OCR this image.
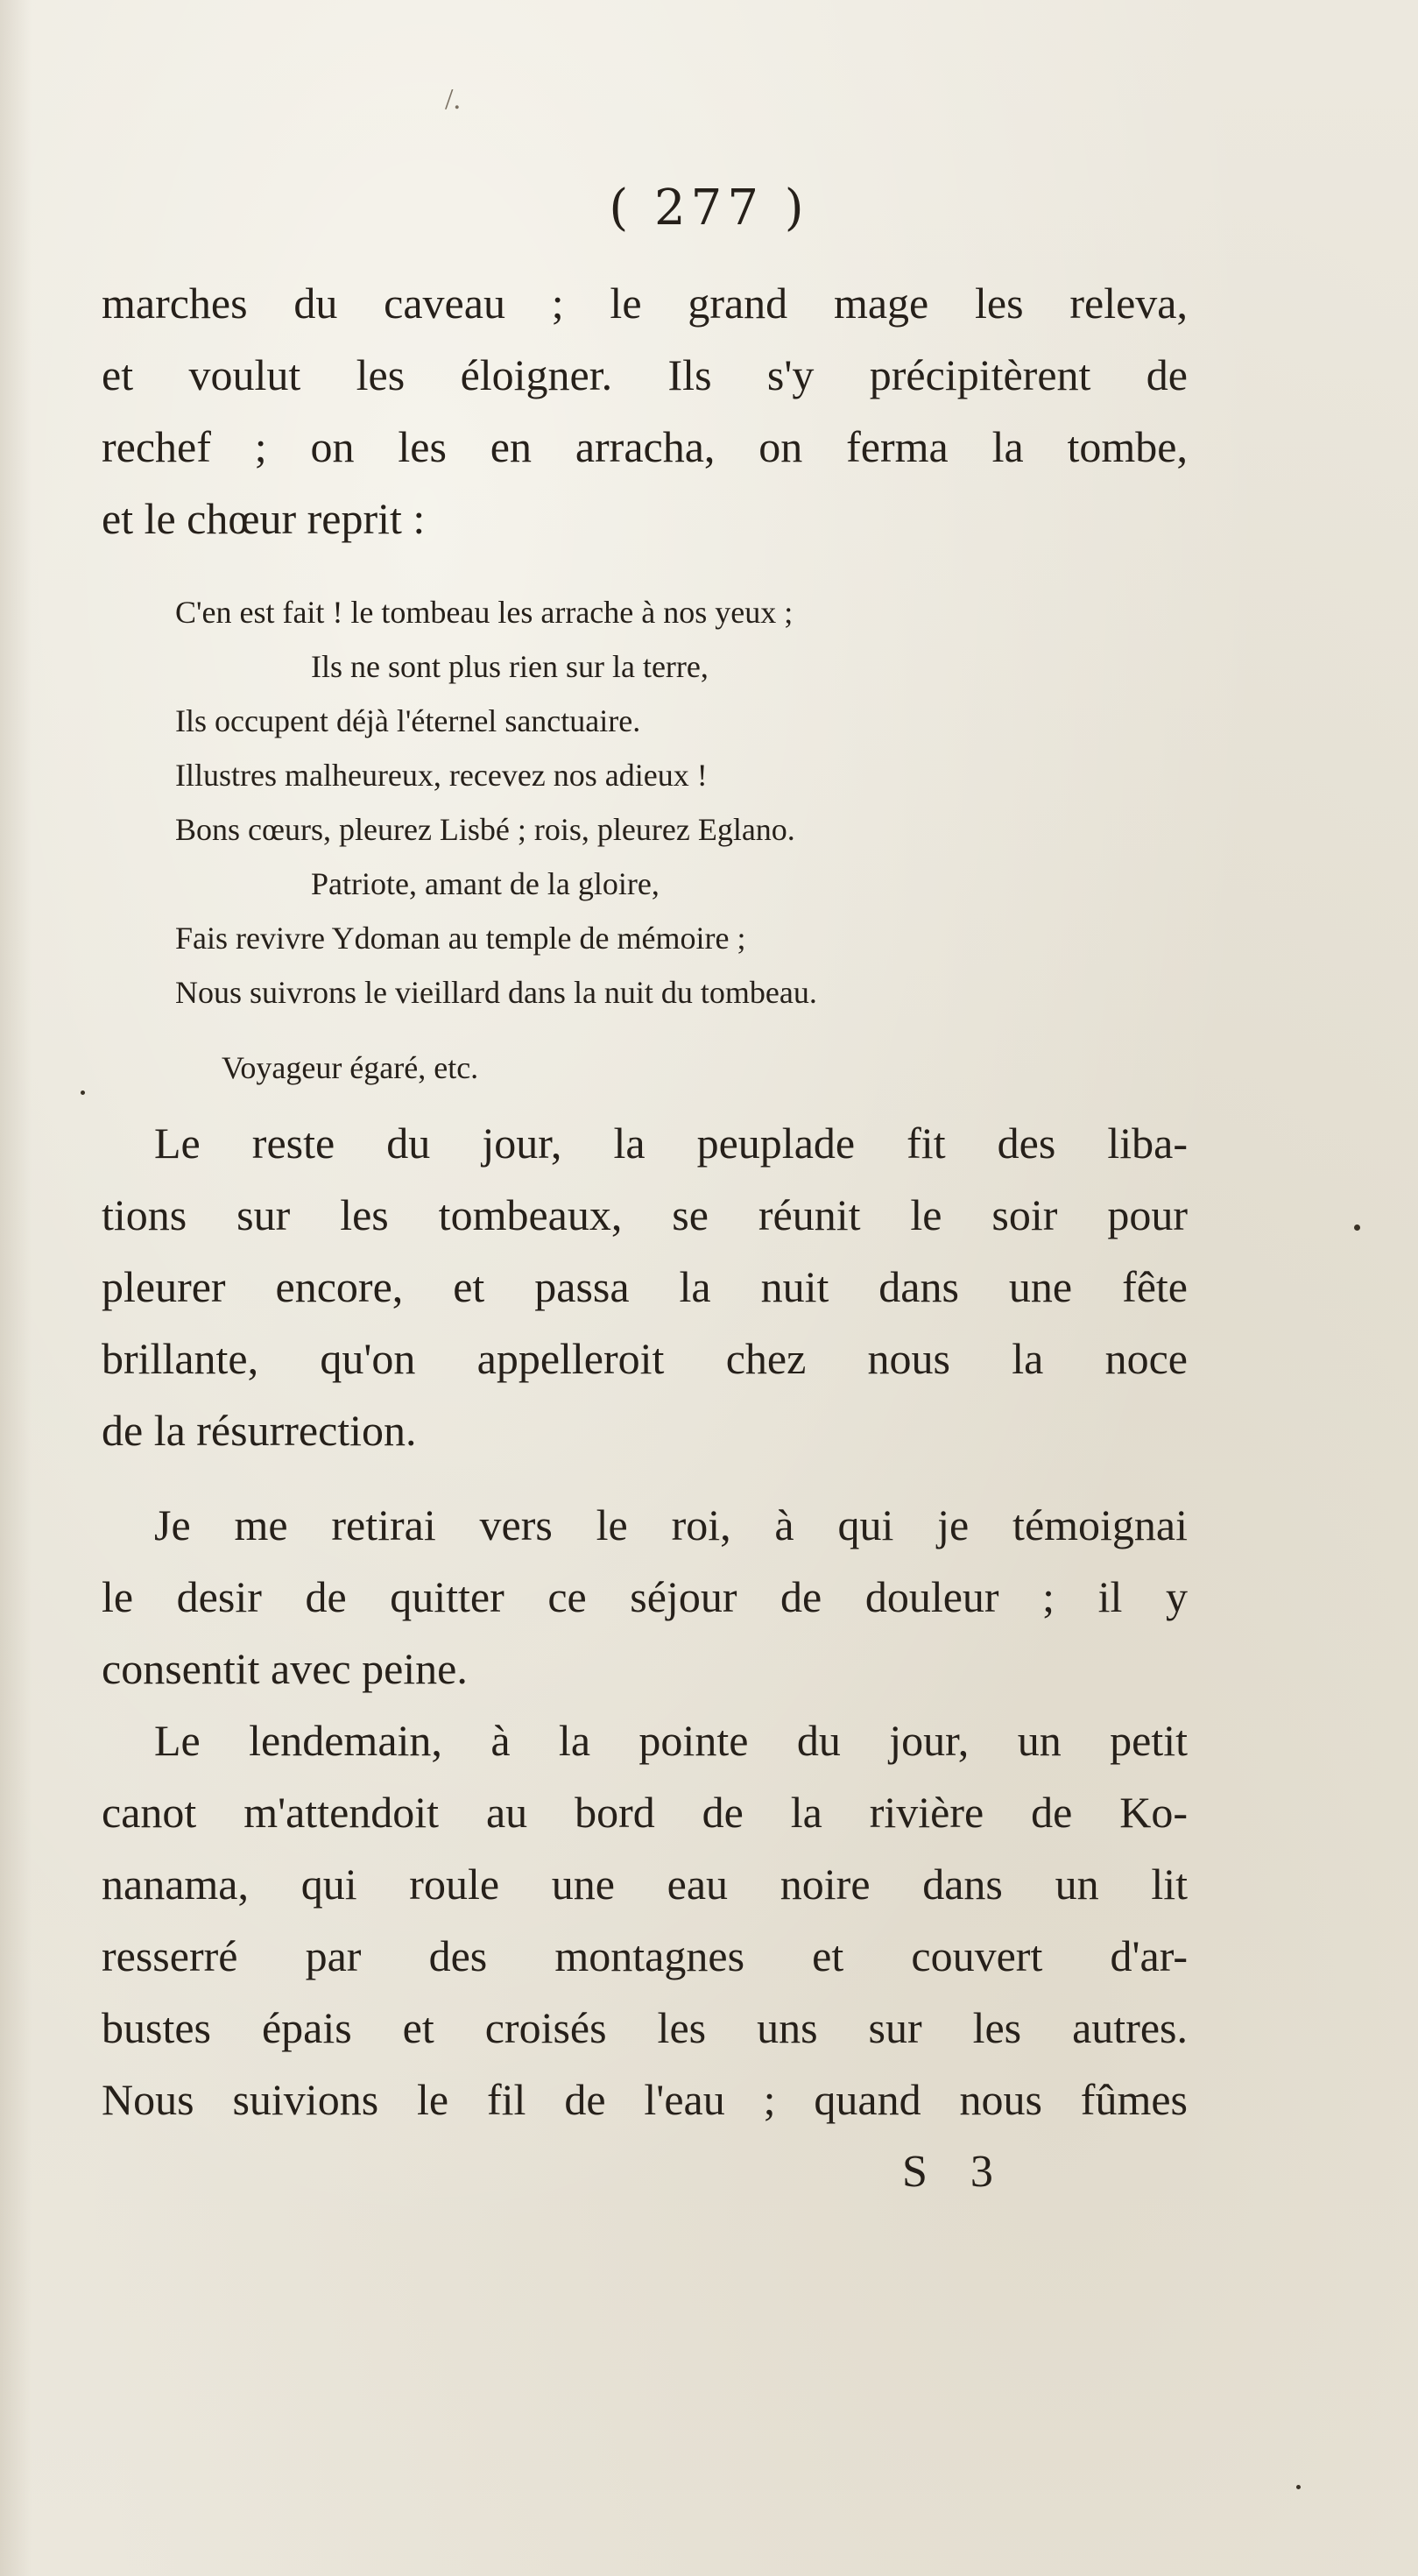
/.
( 277 )
marches du caveau ; le grand mage les releva,
et voulut les éloigner. Ils s'y précipitèrent de
rechef ; on les en arracha, on ferma la tombe,
et le chœur reprit :
C'en est fait ! le tombeau les arrache à nos yeux ;
Ils ne sont plus rien sur la terre,
Ils occupent déjà l'éternel sanctuaire.
Illustres malheureux, recevez nos adieux !
Bons cœurs, pleurez Lisbé ; rois, pleurez Eglano.
Patriote, amant de la gloire,
Fais revivre Ydoman au temple de mémoire ;
Nous suivrons le vieillard dans la nuit du tombeau.
Voyageur égaré, etc.
Le reste du jour, la peuplade fit des liba-
tions sur les tombeaux, se réunit le soir pour
pleurer encore, et passa la nuit dans une fête
brillante, qu'on appelleroit chez nous la noce
de la résurrection.
Je me retirai vers le roi, à qui je témoignai
le desir de quitter ce séjour de douleur ; il y
consentit avec peine.
Le lendemain, à la pointe du jour, un petit
canot m'attendoit au bord de la rivière de Ko-
nanama, qui roule une eau noire dans un lit
resserré par des montagnes et couvert d'ar-
bustes épais et croisés les uns sur les autres.
Nous suivions le fil de l'eau ; quand nous fûmes
S 3
